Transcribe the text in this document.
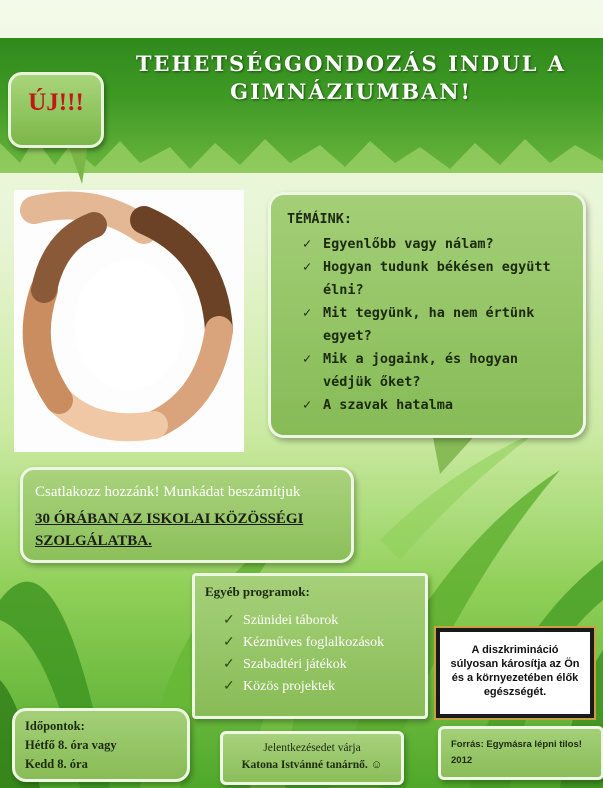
TEHETSÉGGONDOZÁS INDUL A
GIMNÁZIUMBAN!
ÚJ!!!
TÉMÁINK:
✓ Egyenlőbb vagy nálam?
✓ Hogyan tudunk békésen együtt élni?
✓ Mit tegyünk, ha nem értünk egyet?
✓ Mik a jogaink, és hogyan védjük őket?
✓ A szavak hatalma
Csatlakozz hozzánk! Munkádat beszámítjuk
30 ÓRÁBAN AZ ISKOLAI KÖZÖSSÉGI SZOLGÁLATBA.
Egyéb programok:
✓ Szünidei táborok
✓ Kézműves foglalkozások
✓ Szabadtéri játékok
✓ Közös projektek
A diszkrimináció súlyosan károsítja az Ön és a környezetében élők egészségét.
Időpontok:
Hétfő 8. óra vagy
Kedd 8. óra
Jelentkezésedet várja
Katona Istvánné tanárnő. ☺
Forrás: Egymásra lépni tilos!
2012
